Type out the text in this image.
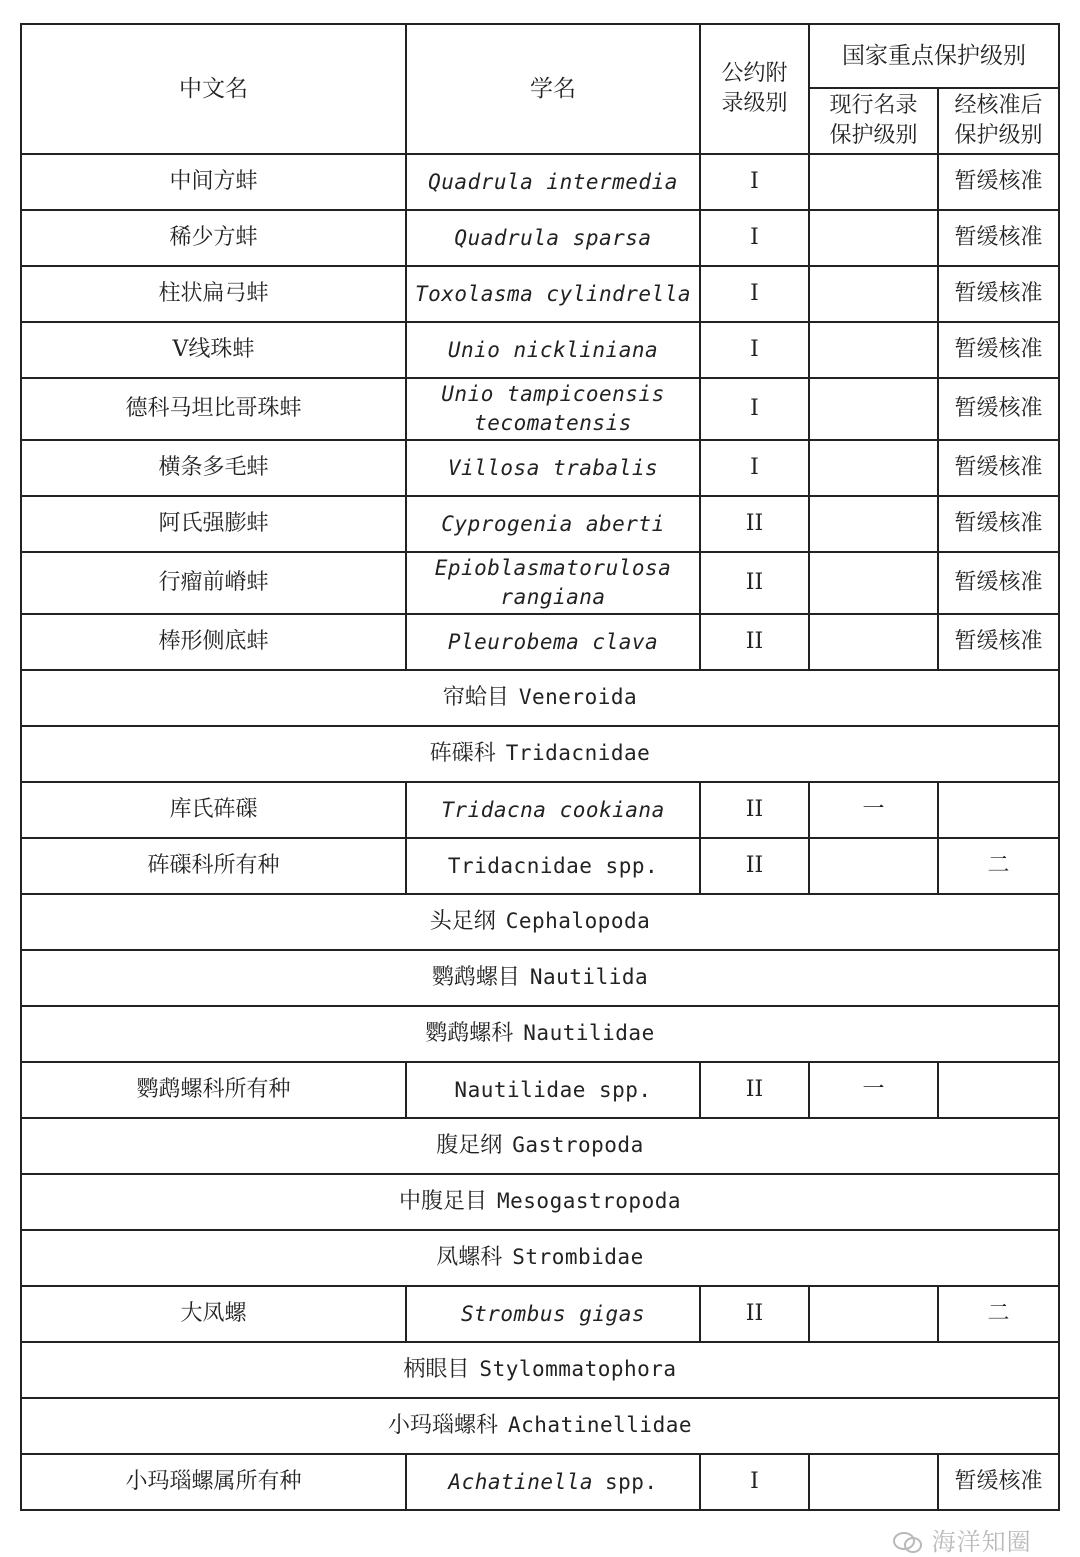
中文名	学名	公约附录级别	国家重点保护级别	

			现行名录保护级别	经核准后保护级别

中间方蚌	Quadrula intermedia	I		暂缓核准
稀少方蚌	Quadrula sparsa	I		暂缓核准
柱状扁弓蚌	Toxolasma cylindrella	I		暂缓核准
V线珠蚌	Unio nickliniana	I		暂缓核准
德科马坦比哥珠蚌	Unio tampicoensis tecomatensis	I		暂缓核准
横条多毛蚌	Villosa trabalis	I		暂缓核准
阿氏强膨蚌	Cyprogenia aberti	II		暂缓核准
行瘤前嵴蚌	Epioblasmatorulosa rangiana	II		暂缓核准
棒形侧底蚌	Pleurobema clava	II		暂缓核准
帘蛤目 Veneroida				
砗磲科 Tridacnidae				
库氏砗磲	Tridacna cookiana	II	一	
砗磲科所有种	Tridacnidae spp.	II		二
头足纲 Cephalopoda				
鹦鹉螺目 Nautilida				
鹦鹉螺科 Nautilidae				
鹦鹉螺科所有种	Nautilidae spp.	II	一	
腹足纲 Gastropoda				
中腹足目 Mesogastropoda				
凤螺科 Strombidae				
大凤螺	Strombus gigas	II		二
柄眼目 Stylommatophora				
小玛瑙螺科 Achatinellidae				
小玛瑙螺属所有种	Achatinella spp.	I		暂缓核准
海洋知圈
